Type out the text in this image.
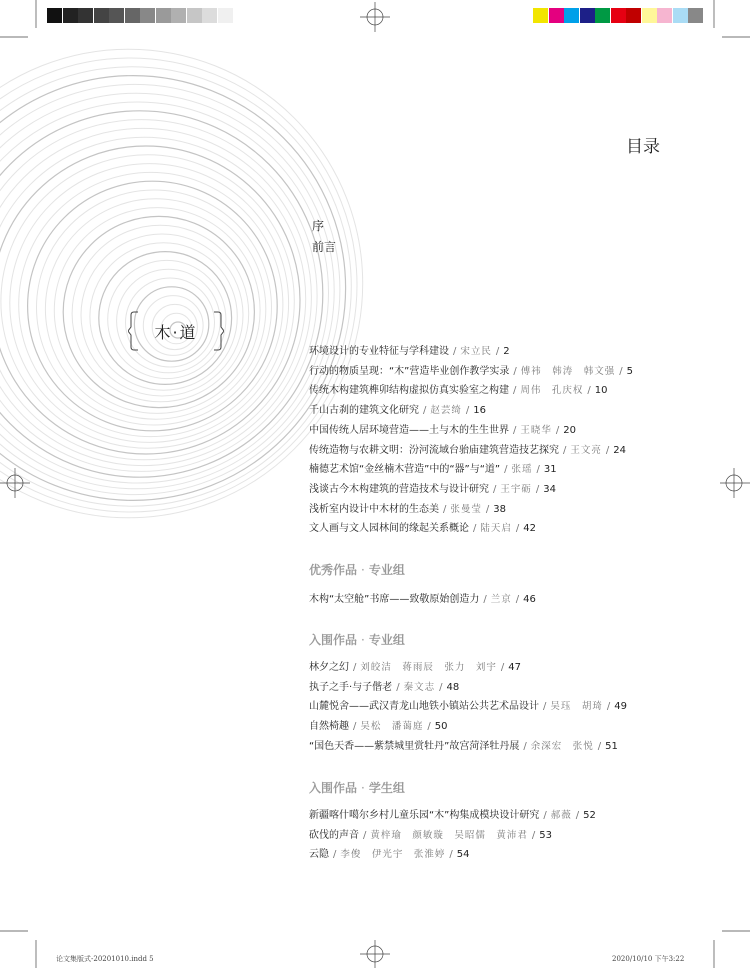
目录
序
前言
木·道
环境设计的专业特征与学科建设 / 宋立民 / 2
行动的物质呈现：“木”营造毕业创作教学实录 / 傅祎　韩涛　韩文强 / 5
传统木构建筑榫卯结构虚拟仿真实验室之构建 / 周伟　孔庆权 / 10
千山古刹的建筑文化研究 / 赵芸绮 / 16
中国传统人居环境营造——土与木的生生世界 / 王晓华 / 20
传统造物与农耕文明：汾河流域台骀庙建筑营造技艺探究 / 王文亮 / 24
楠德艺术馆“金丝楠木营造”中的“器”与“道” / 张瑶 / 31
浅谈古今木构建筑的营造技术与设计研究 / 王宇砺 / 34
浅析室内设计中木材的生态美 / 张曼莹 / 38
文人画与文人园林间的缘起关系概论 / 陆天启 / 42
优秀作品 · 专业组
木构“太空舱”书席——致敬原始创造力 / 兰京 / 46
入围作品 · 专业组
林夕之幻 / 刘皎洁　蒋雨辰　张力　刘宇 / 47
执子之手·与子偕老 / 秦文志 / 48
山麓悦舍——武汉青龙山地铁小镇站公共艺术品设计 / 吴珏　胡琦 / 49
自然椅趣 / 吴松　潘蔼庭 / 50
“国色天香——紫禁城里赏牡丹”故宫菏泽牡丹展 / 余深宏　张悦 / 51
入围作品 · 学生组
新疆喀什噶尔乡村儿童乐园“木”构集成模块设计研究 / 郝薇 / 52
砍伐的声音 / 黄梓瑜　颜敏璇　吴昭儒　黄沛君 / 53
云隐 / 李俊　伊光宇　张淮婷 / 54
论文集版式-20201010.indd 5	2020/10/10 下午3:22
